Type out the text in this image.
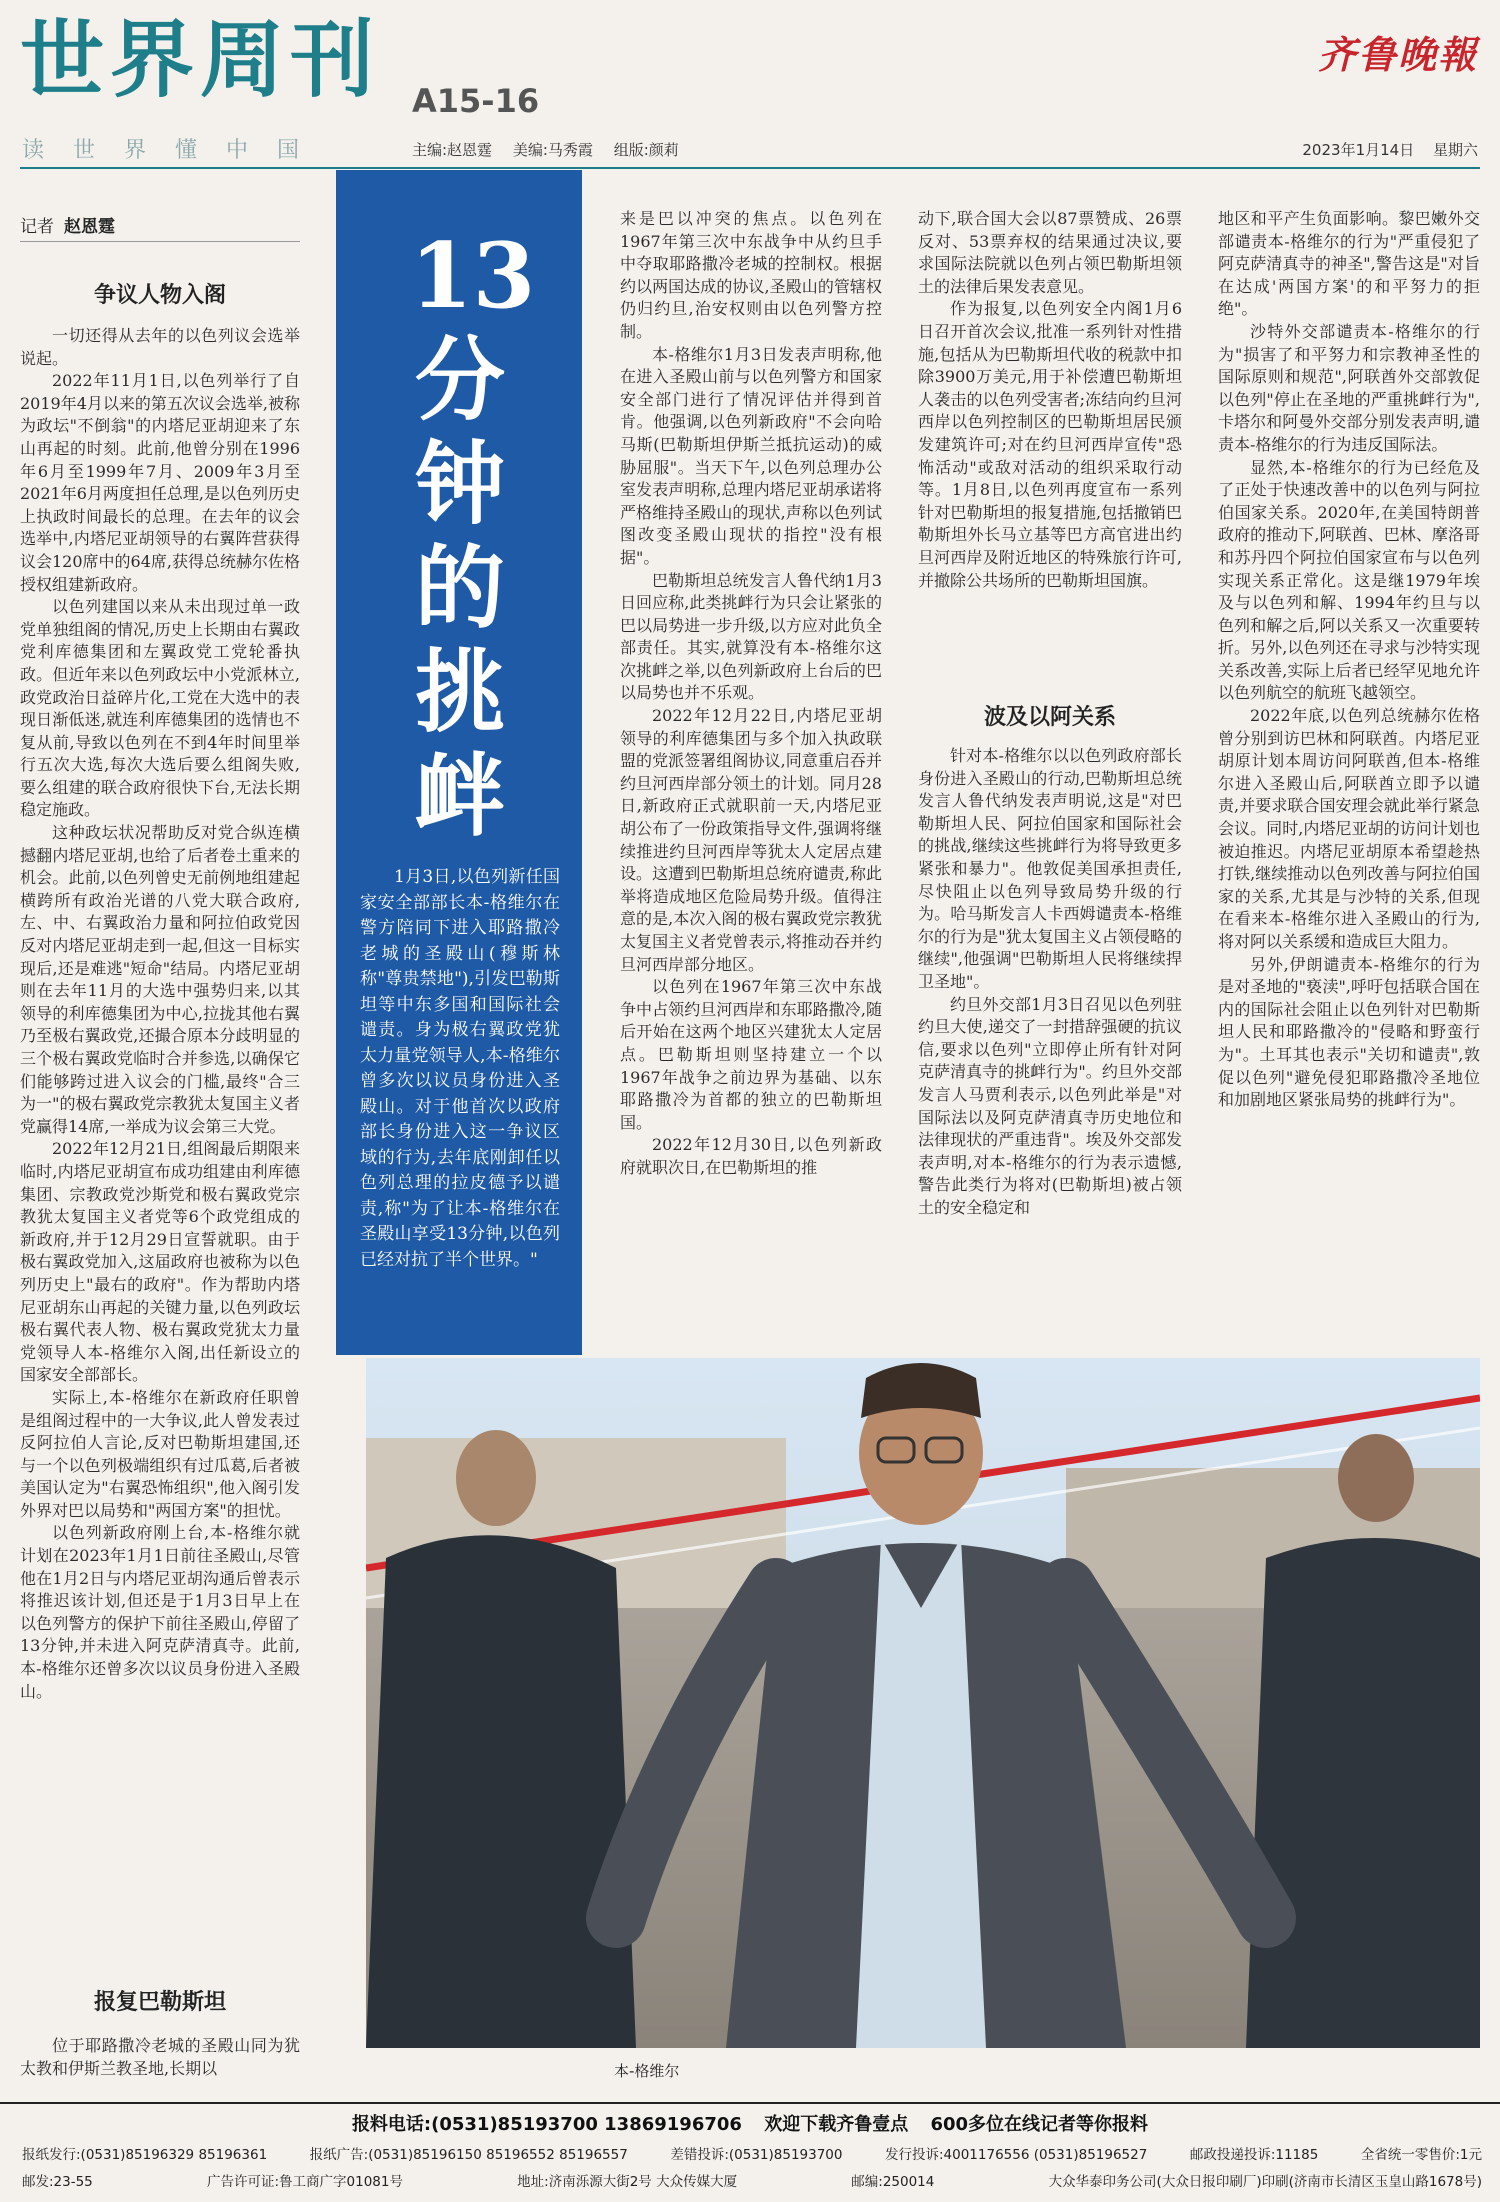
世界周刊 A15-16
齐鲁晚報
读世界懂中国	主编:赵恩霆 美编:马秀霞 组版:颜莉	2023年1月14日 星期六
记者 赵恩霆
争议人物入阁

一切还得从去年的以色列议会选举说起。

2022年11月1日,以色列举行了自2019年4月以来的第五次议会选举,被称为政坛"不倒翁"的内塔尼亚胡迎来了东山再起的时刻。此前,他曾分别在1996年6月至1999年7月、2009年3月至2021年6月两度担任总理,是以色列历史上执政时间最长的总理。在去年的议会选举中,内塔尼亚胡领导的右翼阵营获得议会120席中的64席,获得总统赫尔佐格授权组建新政府。

以色列建国以来从未出现过单一政党单独组阁的情况,历史上长期由右翼政党利库德集团和左翼政党工党轮番执政。但近年来以色列政坛中小党派林立,政党政治日益碎片化,工党在大选中的表现日渐低迷,就连利库德集团的选情也不复从前,导致以色列在不到4年时间里举行五次大选,每次大选后要么组阁失败,要么组建的联合政府很快下台,无法长期稳定施政。

这种政坛状况帮助反对党合纵连横撼翻内塔尼亚胡,也给了后者卷土重来的机会。此前,以色列曾史无前例地组建起横跨所有政治光谱的八党大联合政府,左、中、右翼政治力量和阿拉伯政党因反对内塔尼亚胡走到一起,但这一目标实现后,还是难逃"短命"结局。内塔尼亚胡则在去年11月的大选中强势归来,以其领导的利库德集团为中心,拉拢其他右翼乃至极右翼政党,还撮合原本分歧明显的三个极右翼政党临时合并参选,以确保它们能够跨过进入议会的门槛,最终"合三为一"的极右翼政党宗教犹太复国主义者党赢得14席,一举成为议会第三大党。

2022年12月21日,组阁最后期限来临时,内塔尼亚胡宣布成功组建由利库德集团、宗教政党沙斯党和极右翼政党宗教犹太复国主义者党等6个政党组成的新政府,并于12月29日宣誓就职。由于极右翼政党加入,这届政府也被称为以色列历史上"最右的政府"。作为帮助内塔尼亚胡东山再起的关键力量,以色列政坛极右翼代表人物、极右翼政党犹太力量党领导人本-格维尔入阁,出任新设立的国家安全部部长。

实际上,本-格维尔在新政府任职曾是组阁过程中的一大争议,此人曾发表过反阿拉伯人言论,反对巴勒斯坦建国,还与一个以色列极端组织有过瓜葛,后者被美国认定为"右翼恐怖组织",他入阁引发外界对巴以局势和"两国方案"的担忧。

以色列新政府刚上台,本-格维尔就计划在2023年1月1日前往圣殿山,尽管他在1月2日与内塔尼亚胡沟通后曾表示将推迟该计划,但还是于1月3日早上在以色列警方的保护下前往圣殿山,停留了13分钟,并未进入阿克萨清真寺。此前,本-格维尔还曾多次以议员身份进入圣殿山。

报复巴勒斯坦

位于耶路撒冷老城的圣殿山同为犹太教和伊斯兰教圣地,长期以

13分钟的挑衅
1月3日,以色列新任国家安全部部长本-格维尔在警方陪同下进入耶路撒冷老城的圣殿山(穆斯林称"尊贵禁地"),引发巴勒斯坦等中东多国和国际社会谴责。身为极右翼政党犹太力量党领导人,本-格维尔曾多次以议员身份进入圣殿山。对于他首次以政府部长身份进入这一争议区域的行为,去年底刚卸任以色列总理的拉皮德予以谴责,称"为了让本-格维尔在圣殿山享受13分钟,以色列已经对抗了半个世界。"

来是巴以冲突的焦点。以色列在1967年第三次中东战争中从约旦手中夺取耶路撒冷老城的控制权。根据约以两国达成的协议,圣殿山的管辖权仍归约旦,治安权则由以色列警方控制。

本-格维尔1月3日发表声明称,他在进入圣殿山前与以色列警方和国家安全部门进行了情况评估并得到首肯。他强调,以色列新政府"不会向哈马斯(巴勒斯坦伊斯兰抵抗运动)的威胁屈服"。当天下午,以色列总理办公室发表声明称,总理内塔尼亚胡承诺将严格维持圣殿山的现状,声称以色列试图改变圣殿山现状的指控"没有根据"。

巴勒斯坦总统发言人鲁代纳1月3日回应称,此类挑衅行为只会让紧张的巴以局势进一步升级,以方应对此负全部责任。其实,就算没有本-格维尔这次挑衅之举,以色列新政府上台后的巴以局势也并不乐观。

2022年12月22日,内塔尼亚胡领导的利库德集团与多个加入执政联盟的党派签署组阁协议,同意重启吞并约旦河西岸部分领土的计划。同月28日,新政府正式就职前一天,内塔尼亚胡公布了一份政策指导文件,强调将继续推进约旦河西岸等犹太人定居点建设。这遭到巴勒斯坦总统府谴责,称此举将造成地区危险局势升级。值得注意的是,本次入阁的极右翼政党宗教犹太复国主义者党曾表示,将推动吞并约旦河西岸部分地区。

以色列在1967年第三次中东战争中占领约旦河西岸和东耶路撒冷,随后开始在这两个地区兴建犹太人定居点。巴勒斯坦则坚持建立一个以1967年战争之前边界为基础、以东耶路撒冷为首都的独立的巴勒斯坦国。

2022年12月30日,以色列新政府就职次日,在巴勒斯坦的推

动下,联合国大会以87票赞成、26票反对、53票弃权的结果通过决议,要求国际法院就以色列占领巴勒斯坦领土的法律后果发表意见。

作为报复,以色列安全内阁1月6日召开首次会议,批准一系列针对性措施,包括从为巴勒斯坦代收的税款中扣除3900万美元,用于补偿遭巴勒斯坦人袭击的以色列受害者;冻结向约旦河西岸以色列控制区的巴勒斯坦居民颁发建筑许可;对在约旦河西岸宣传"恐怖活动"或敌对活动的组织采取行动等。1月8日,以色列再度宣布一系列针对巴勒斯坦的报复措施,包括撤销巴勒斯坦外长马立基等巴方高官进出约旦河西岸及附近地区的特殊旅行许可,并撤除公共场所的巴勒斯坦国旗。

波及以阿关系

针对本-格维尔以以色列政府部长身份进入圣殿山的行动,巴勒斯坦总统发言人鲁代纳发表声明说,这是"对巴勒斯坦人民、阿拉伯国家和国际社会的挑战,继续这些挑衅行为将导致更多紧张和暴力"。他敦促美国承担责任,尽快阻止以色列导致局势升级的行为。哈马斯发言人卡西姆谴责本-格维尔的行为是"犹太复国主义占领侵略的继续",他强调"巴勒斯坦人民将继续捍卫圣地"。

约旦外交部1月3日召见以色列驻约旦大使,递交了一封措辞强硬的抗议信,要求以色列"立即停止所有针对阿克萨清真寺的挑衅行为"。约旦外交部发言人马贾利表示,以色列此举是"对国际法以及阿克萨清真寺历史地位和法律现状的严重违背"。埃及外交部发表声明,对本-格维尔的行为表示遗憾,警告此类行为将对(巴勒斯坦)被占领土的安全稳定和

地区和平产生负面影响。黎巴嫩外交部谴责本-格维尔的行为"严重侵犯了阿克萨清真寺的神圣",警告这是"对旨在达成'两国方案'的和平努力的拒绝"。

沙特外交部谴责本-格维尔的行为"损害了和平努力和宗教神圣性的国际原则和规范",阿联酋外交部敦促以色列"停止在圣地的严重挑衅行为",卡塔尔和阿曼外交部分别发表声明,谴责本-格维尔的行为违反国际法。

显然,本-格维尔的行为已经危及了正处于快速改善中的以色列与阿拉伯国家关系。2020年,在美国特朗普政府的推动下,阿联酋、巴林、摩洛哥和苏丹四个阿拉伯国家宣布与以色列实现关系正常化。这是继1979年埃及与以色列和解、1994年约旦与以色列和解之后,阿以关系又一次重要转折。另外,以色列还在寻求与沙特实现关系改善,实际上后者已经罕见地允许以色列航空的航班飞越领空。

2022年底,以色列总统赫尔佐格曾分别到访巴林和阿联酋。内塔尼亚胡原计划本周访问阿联酋,但本-格维尔进入圣殿山后,阿联酋立即予以谴责,并要求联合国安理会就此举行紧急会议。同时,内塔尼亚胡的访问计划也被迫推迟。内塔尼亚胡原本希望趁热打铁,继续推动以色列改善与阿拉伯国家的关系,尤其是与沙特的关系,但现在看来本-格维尔进入圣殿山的行为,将对阿以关系缓和造成巨大阻力。

另外,伊朗谴责本-格维尔的行为是对圣地的"亵渎",呼吁包括联合国在内的国际社会阻止以色列针对巴勒斯坦人民和耶路撒冷的"侵略和野蛮行为"。土耳其也表示"关切和谴责",敦促以色列"避免侵犯耶路撒冷圣地位和加剧地区紧张局势的挑衅行为"。

本-格维尔
报料电话:(0531)85193700 13869196706 欢迎下载齐鲁壹点 600多位在线记者等你报料
报纸发行:(0531)85196329 85196361	报纸广告:(0531)85196150 85196552 85196557	差错投诉:(0531)85193700	发行投诉:4001176556 (0531)85196527	邮政投递投诉:11185	全省统一零售价:1元
邮发:23-55	广告许可证:鲁工商广字01081号	地址:济南泺源大街2号 大众传媒大厦	邮编:250014	大众华泰印务公司(大众日报印刷厂)印刷(济南市长清区玉皇山路1678号)
